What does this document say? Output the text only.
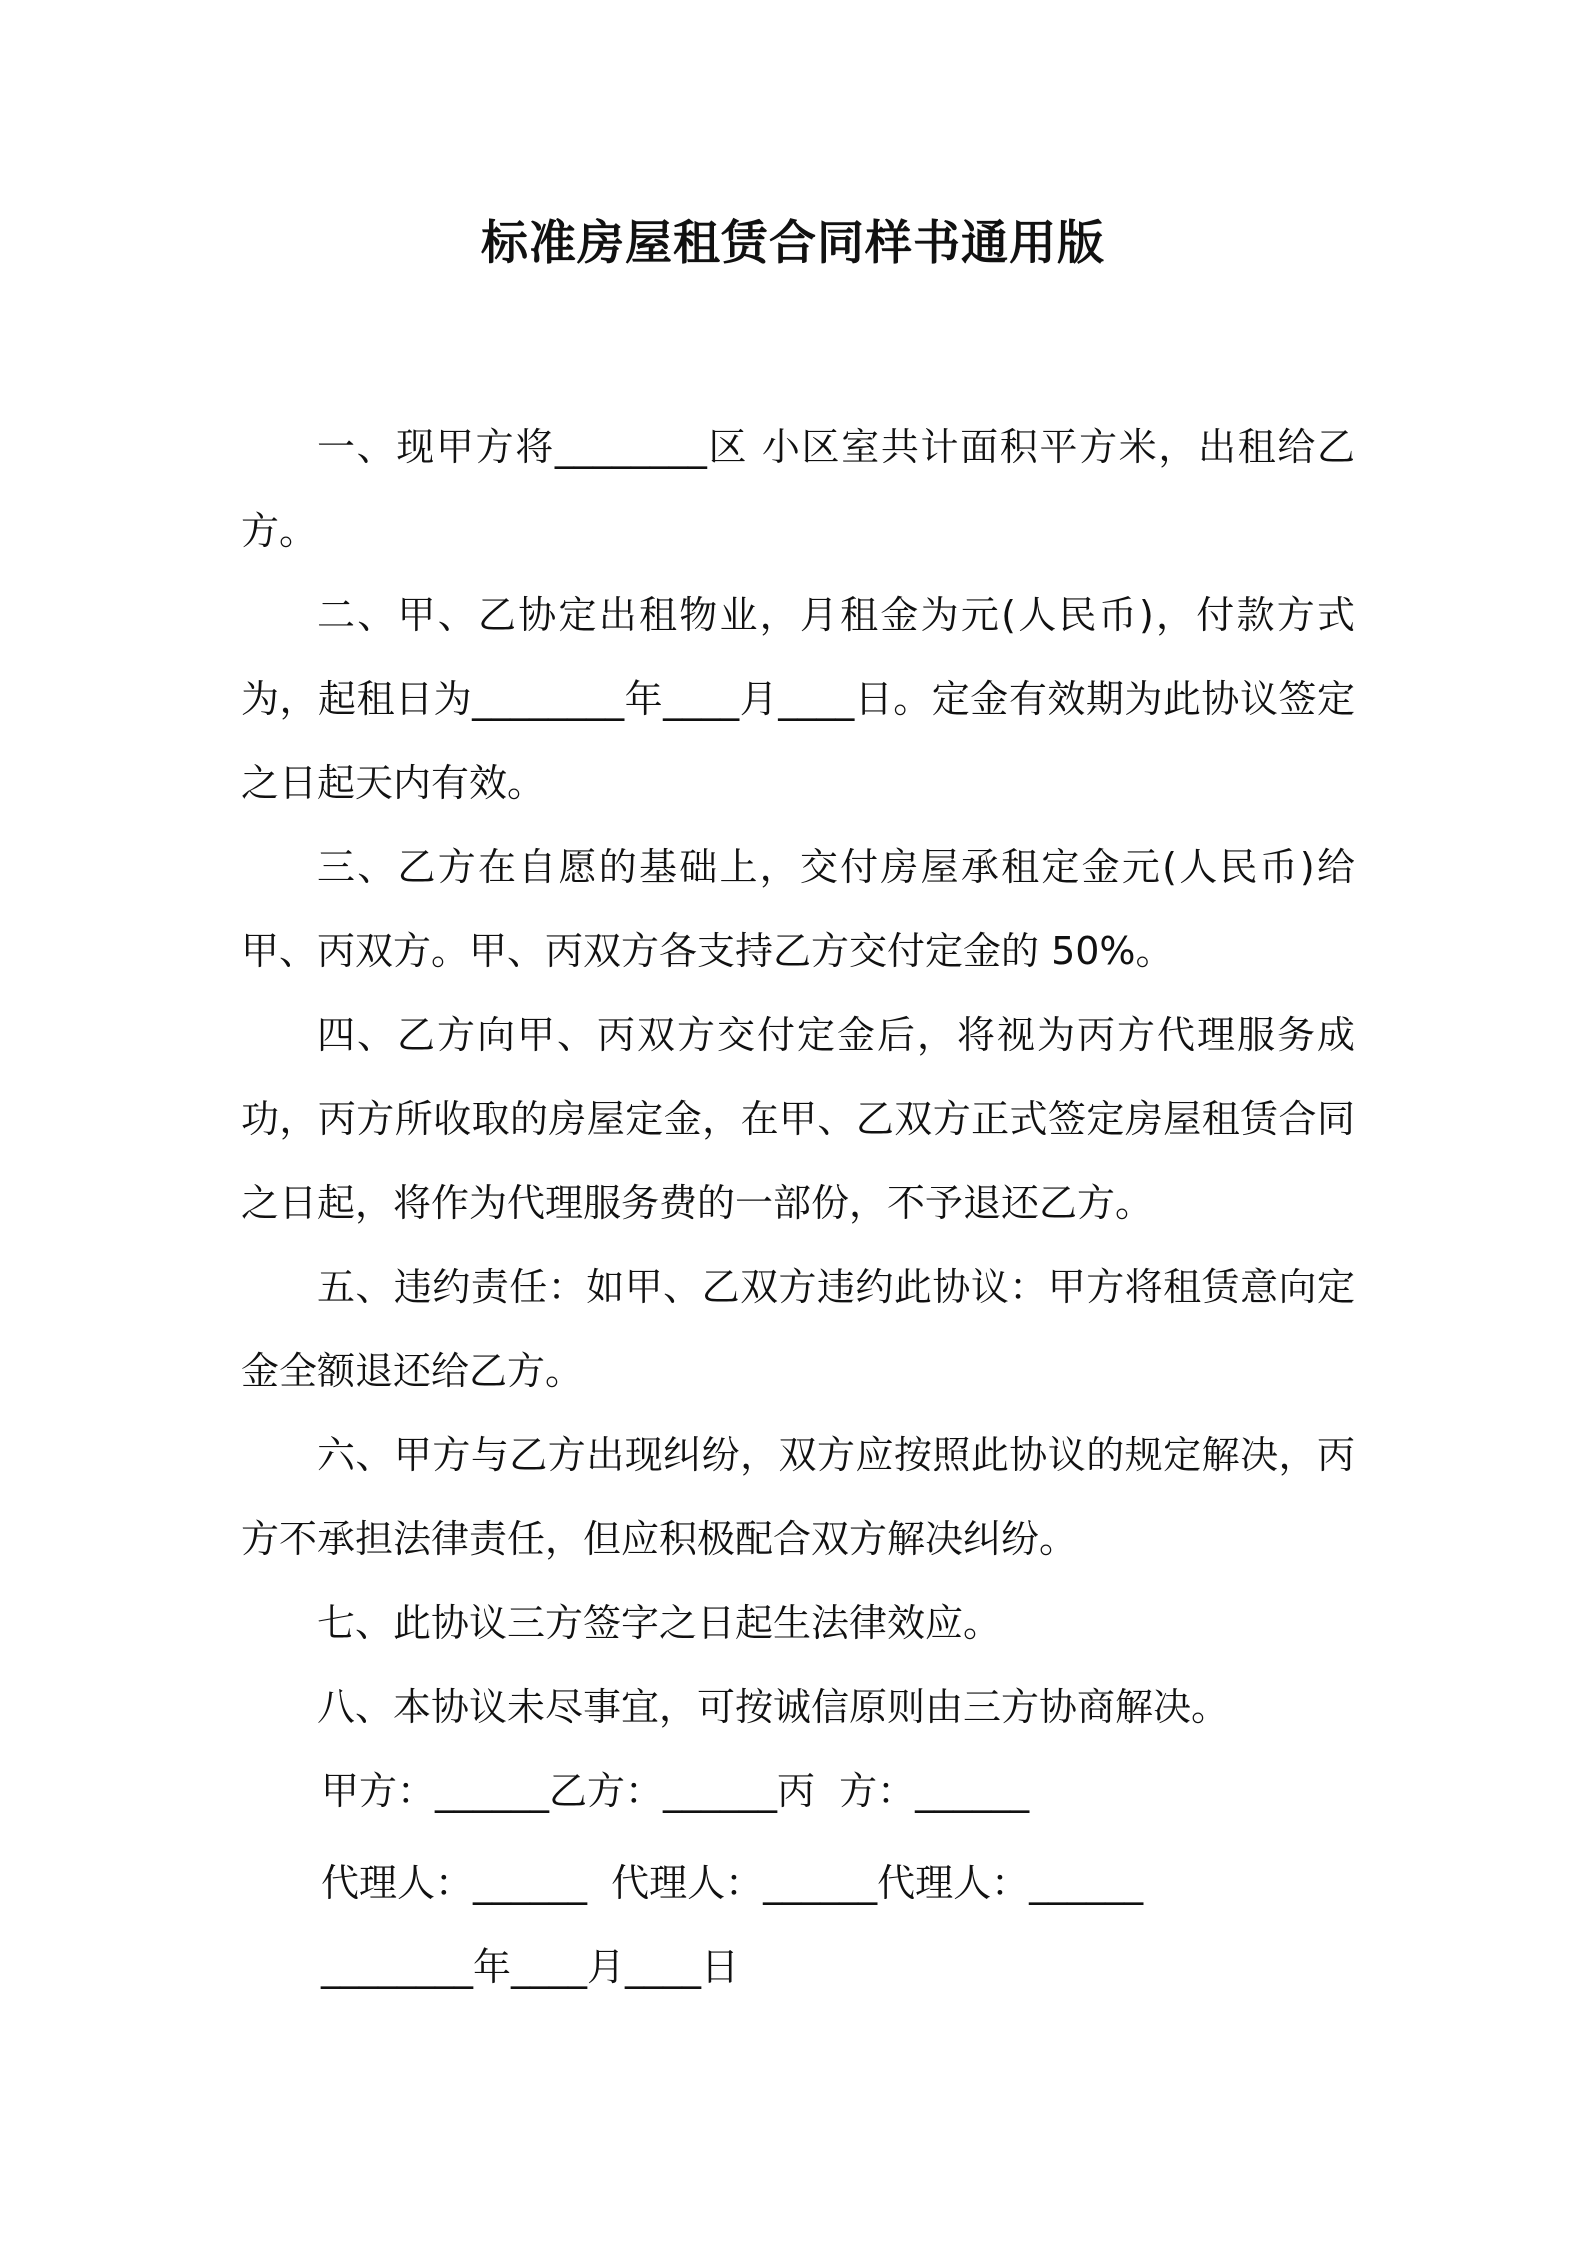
标准房屋租赁合同样书通用版

一、现甲方将________区 小区室共计面积平方米，出租给乙方。

二、甲、乙协定出租物业，月租金为元(人民币)，付款方式为，起租日为________年____月____日。定金有效期为此协议签定之日起天内有效。

三、乙方在自愿的基础上，交付房屋承租定金元(人民币)给甲、丙双方。甲、丙双方各支持乙方交付定金的 50%。

四、乙方向甲、丙双方交付定金后，将视为丙方代理服务成功，丙方所收取的房屋定金，在甲、乙双方正式签定房屋租赁合同之日起，将作为代理服务费的一部份，不予退还乙方。

五、违约责任：如甲、乙双方违约此协议：甲方将租赁意向定金全额退还给乙方。

六、甲方与乙方出现纠纷，双方应按照此协议的规定解决，丙方不承担法律责任，但应积极配合双方解决纠纷。

七、此协议三方签字之日起生法律效应。

八、本协议未尽事宜，可按诚信原则由三方协商解决。

甲方：______乙方：______丙  方：______

代理人：______  代理人：______代理人：______

________年____月____日
